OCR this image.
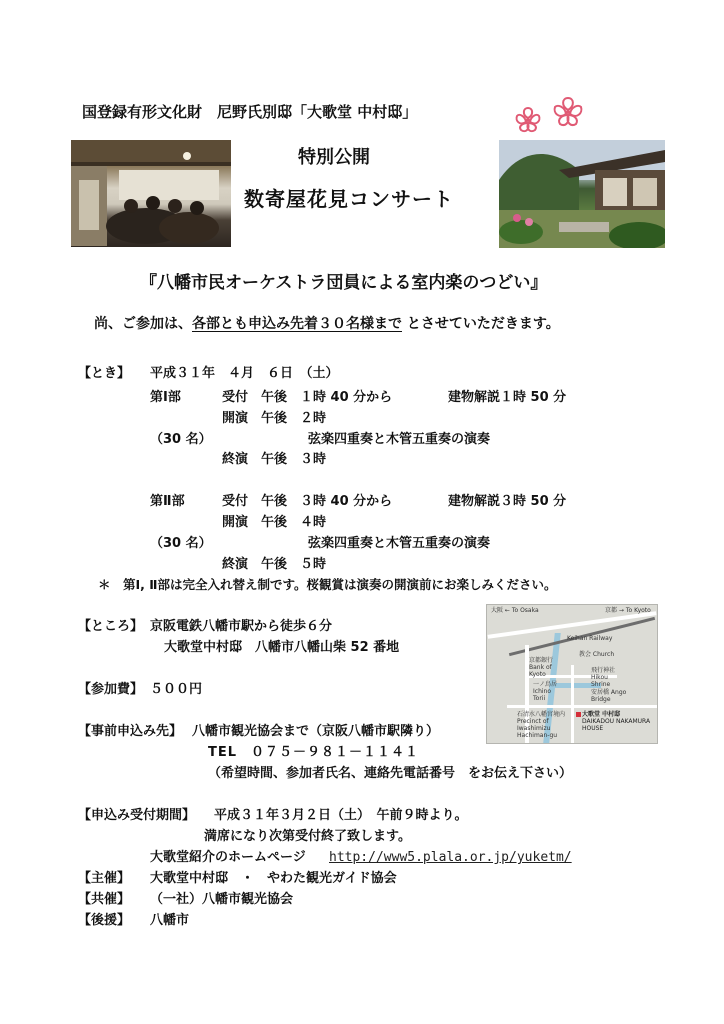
国登録有形文化財　尼野氏別邸「大歌堂 中村邸」
特別公開
数寄屋花見コンサート
『八幡市民オーケストラ団員による室内楽のつどい』
尚、ご参加は、各部とも申込み先着３０名様まで とさせていただきます。
【とき】 平成３１年　４月　６日　（土）
第Ⅰ部	受付　午後　１時 40 分から	建物解説１時 50 分
開演　午後　２時
（30 名）	弦楽四重奏と木管五重奏の演奏
終演　午後　３時
第Ⅱ部	受付　午後　３時 40 分から	建物解説３時 50 分
開演　午後　４時
（30 名）	弦楽四重奏と木管五重奏の演奏
終演　午後　５時
＊　第Ⅰ, Ⅱ部は完全入れ替え制です。桜観賞は演奏の開演前にお楽しみください。
【ところ】 京阪電鉄八幡市駅から徒歩６分
大歌堂中村邸　八幡市八幡山柴 52 番地
大阪 ← To Osaka	京都 → To Kyoto
Keihan Railway
京都銀行 Bank of Kyoto
一ノ鳥居 Ichino Torii
教会 Church
飛行神社 Hikou Shrine
安居橋 Ango Bridge
石清水八幡宮境内 Precinct of Iwashimizu Hachiman-gu
大歌堂 中村邸
DAIKADOU NAKAMURA HOUSE
【参加費】 ５００円
【事前申込み先】 八幡市観光協会まで（京阪八幡市駅隣り）
TEL　０７５－９８１－１１４１
（希望時間、参加者氏名、連絡先電話番号　をお伝え下さい）
【申込み受付期間】 平成３１年３月２日（土）　午前９時より。
満席になり次第受付終了致します。
大歌堂紹介のホームページ http://www5.plala.or.jp/yuketm/
【主催】 大歌堂中村邸　・　やわた観光ガイド協会
【共催】 （一社）八幡市観光協会
【後援】 八幡市
